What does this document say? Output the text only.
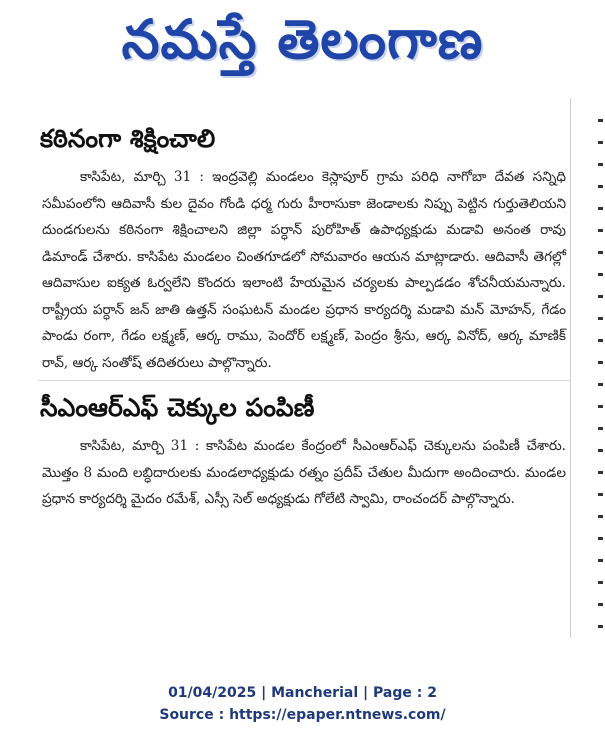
నమస్తే తెలంగాణ
కఠినంగా శిక్షించాలి

కాసిపేట, మార్చి 31 : ఇంద్రవెల్లి మండలం కెస్లాపూర్ గ్రామ పరిధి నాగోబా దేవత సన్నిధి సమీపంలోని ఆదివాసీ కుల దైవం గోండి ధర్మ గురు హీరాసుకా జెండాలకు నిప్పు పెట్టిన గుర్తుతెలియని దుండగులను కఠినంగా శిక్షించాలని జిల్లా పర్ధాన్ పురోహిత్ ఉపాధ్యక్షుడు మడావి అనంత రావు డిమాండ్ చేశారు. కాసిపేట మండలం చింతగూడలో సోమవారం ఆయన మాట్లాడారు. ఆదివాసీ తెగల్లో ఆదివాసుల ఐక్యత ఓర్వలేని కొందరు ఇలాంటి హేయమైన చర్యలకు పాల్పడడం శోచనీయమన్నారు. రాష్ట్రీయ పర్ధాన్ జన్ జాతి ఉత్తన్ సంఘటన్ మండల ప్రధాన కార్యదర్శి మడావి మన్ మోహన్, గేడం పాండు రంగా, గేడం లక్ష్మణ్, ఆర్క రాము, పెందోర్ లక్ష్మణ్, పెంద్రం శ్రీను, ఆర్క వినోద్, ఆర్క మాణిక్ రావ్, ఆర్క సంతోష్ తదితరులు పాల్గొన్నారు.

సీఎంఆర్ఎఫ్ చెక్కుల పంపిణీ

కాసిపేట, మార్చి 31 : కాసిపేట మండల కేంద్రంలో సీఎంఆర్ఎఫ్ చెక్కులను పంపిణీ చేశారు. మొత్తం 8 మంది లబ్ధిదారులకు మండలాధ్యక్షుడు రత్నం ప్రదీప్ చేతుల మీదుగా అందించారు. మండల ప్రధాన కార్యదర్శి మైదం రమేశ్, ఎస్సీ సెల్ అధ్యక్షుడు గోలేటి స్వామి, రాంచందర్ పాల్గొన్నారు.

01/04/2025 | Mancherial | Page : 2
Source : https://epaper.ntnews.com/
